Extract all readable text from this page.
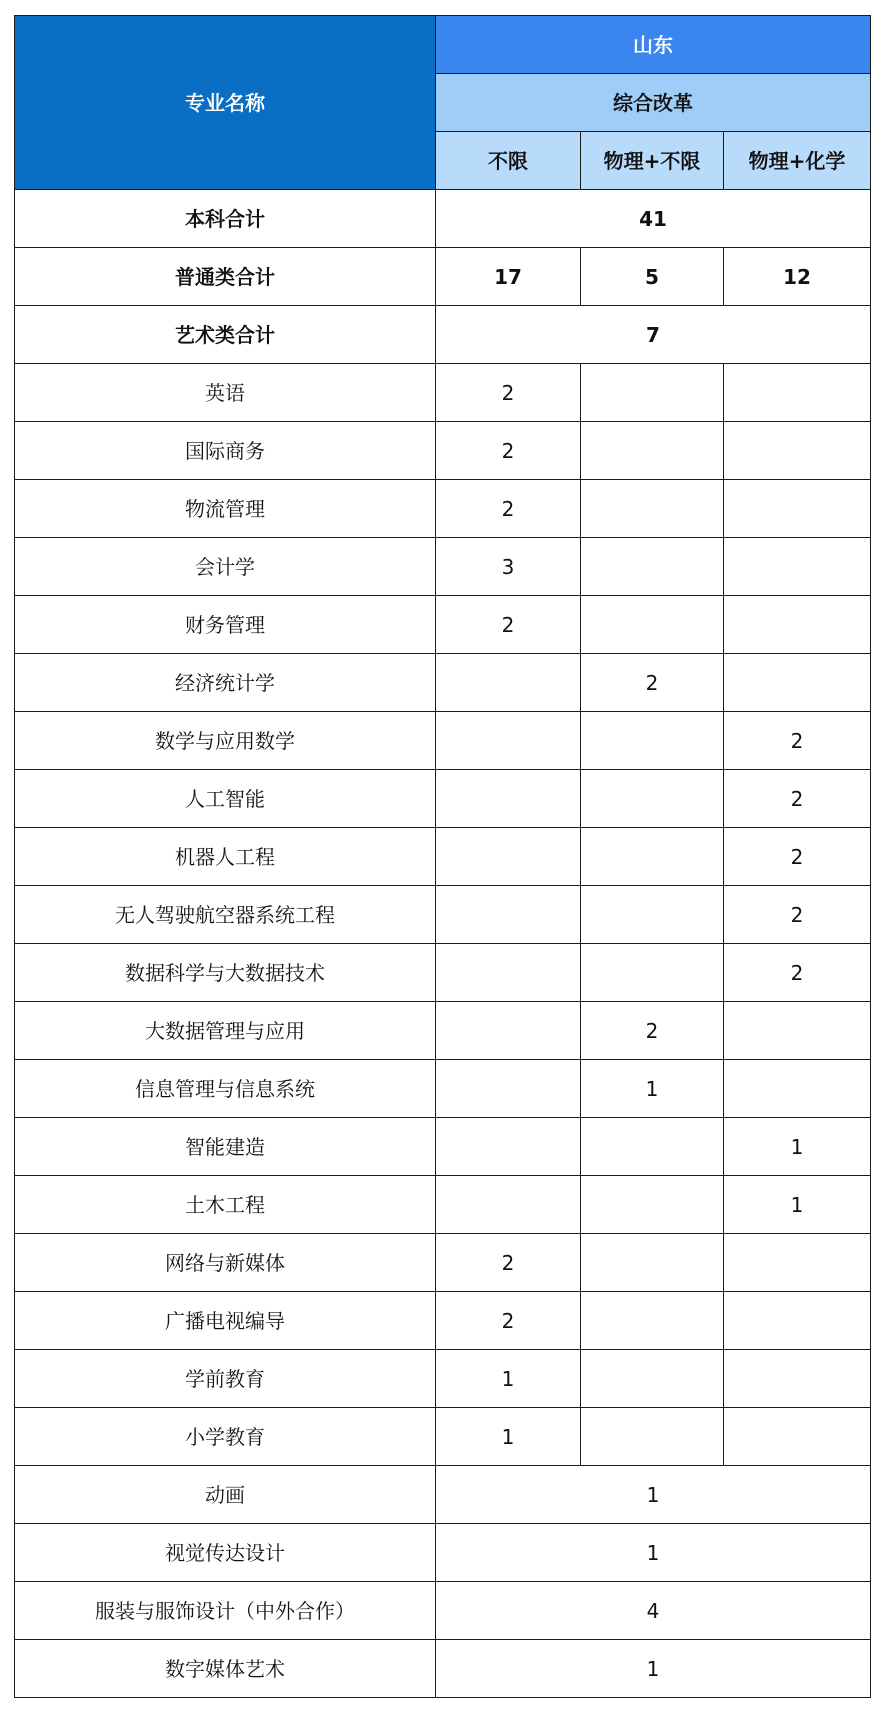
专业名称	山东		
	综合改革		
	不限	物理+不限	物理+化学
本科合计	41		
普通类合计	17	5	12
艺术类合计	7		
英语	2		
国际商务	2		
物流管理	2		
会计学	3		
财务管理	2		
经济统计学		2	
数学与应用数学			2
人工智能			2
机器人工程			2
无人驾驶航空器系统工程			2
数据科学与大数据技术			2
大数据管理与应用		2	
信息管理与信息系统		1	
智能建造			1
土木工程			1
网络与新媒体	2		
广播电视编导	2		
学前教育	1		
小学教育	1		
动画	1		
视觉传达设计	1		
服装与服饰设计（中外合作）	4		
数字媒体艺术	1		
